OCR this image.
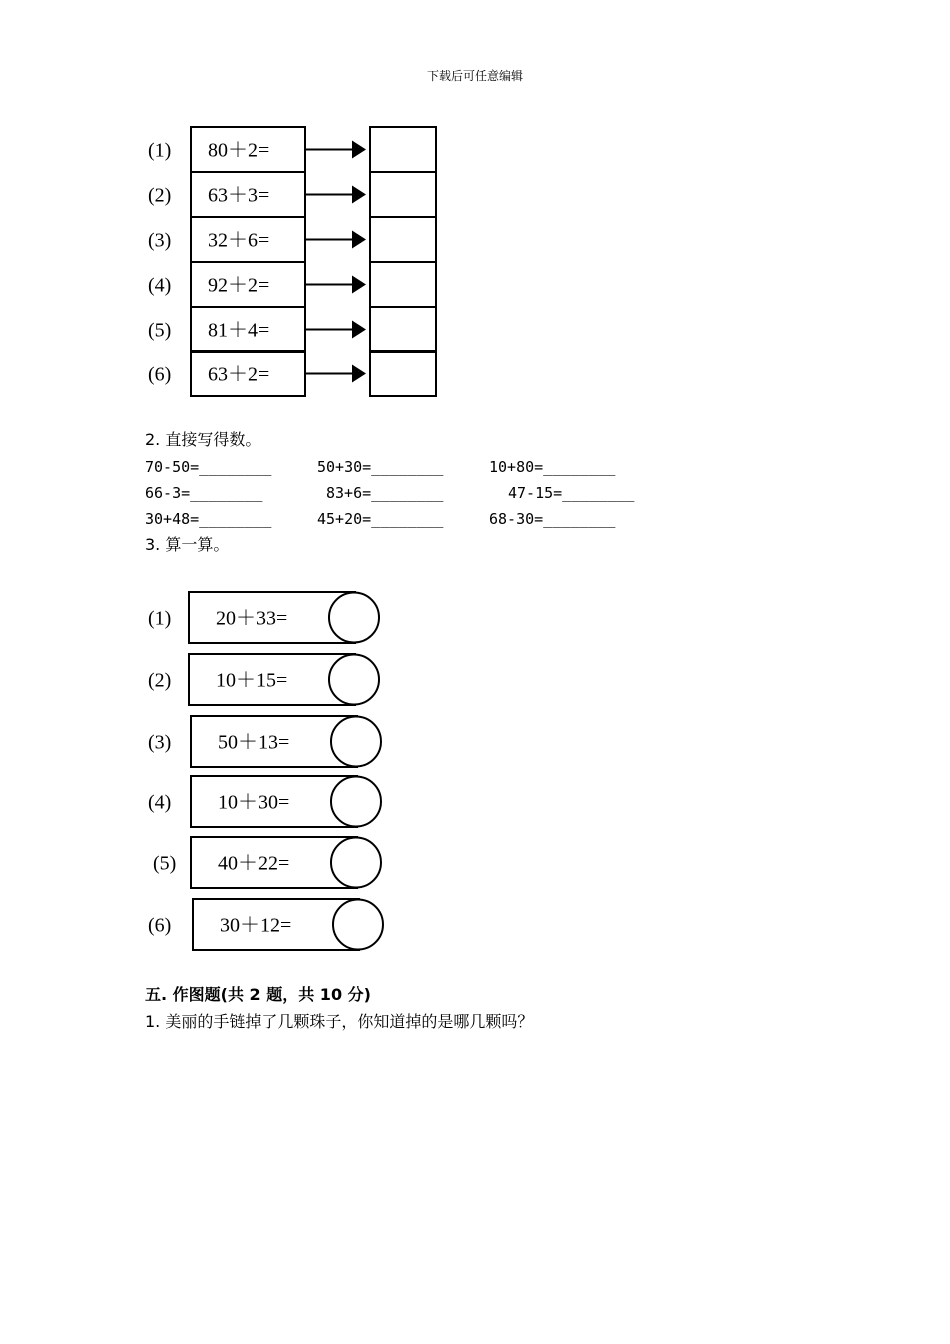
下载后可任意编辑
(1) 80＋2=
(2) 63＋3=
(3) 32＋6=
(4) 92＋2=
(5) 81＋4=
(6) 63＋2=
2. 直接写得数。
70-50=________	50+30=________	10+80=________
66-3=________	83+6=________	47-15=________
30+48=________	45+20=________	68-30=________
3. 算一算。
(1) 20＋33=
(2) 10＋15=
(3) 50＋13=
(4) 10＋30=
(5) 40＋22=
(6) 30＋12=
五. 作图题(共 2 题，共 10 分)
1. 美丽的手链掉了几颗珠子，你知道掉的是哪几颗吗？
